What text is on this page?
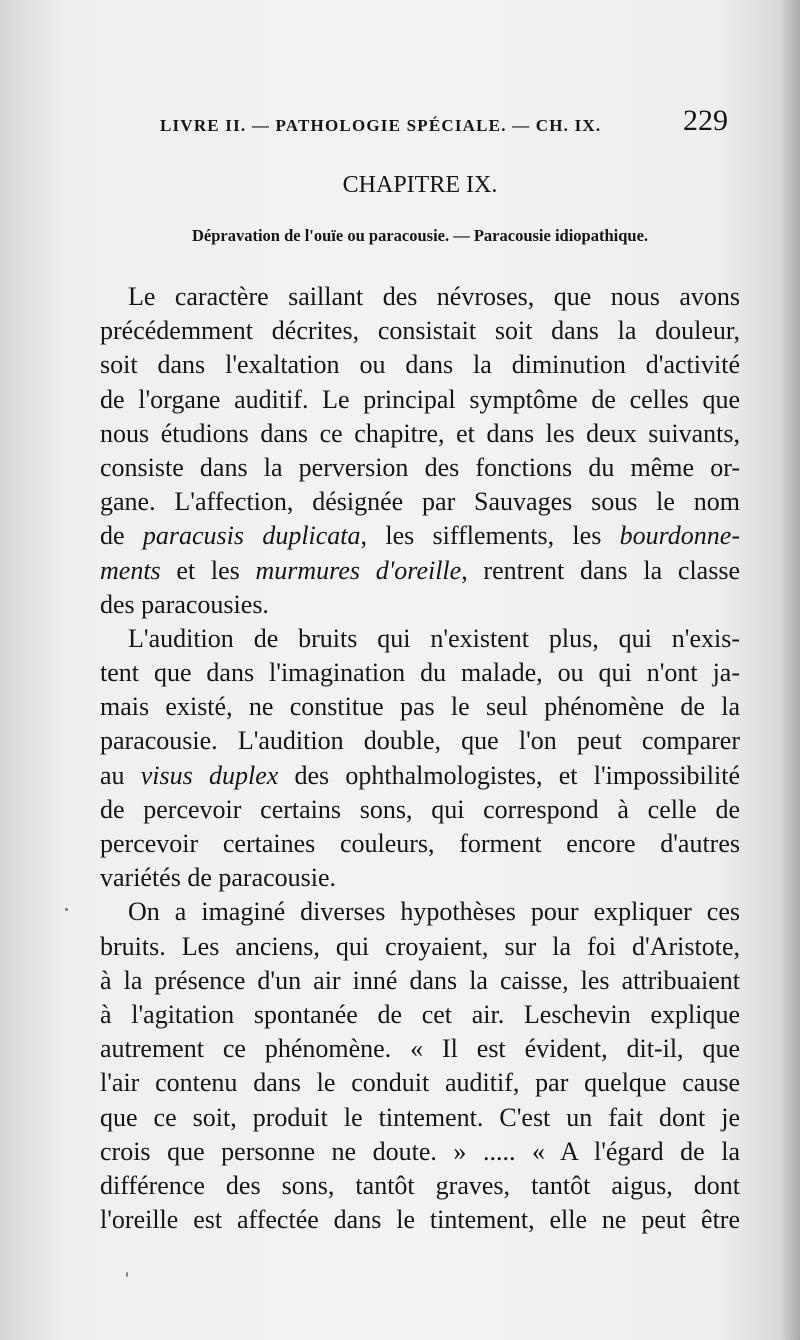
LIVRE II. — PATHOLOGIE SPÉCIALE. — CH. IX.	229
CHAPITRE IX.
Dépravation de l'ouïe ou paracousie. — Paracousie idiopathique.
Le caractère saillant des névroses, que nous avons
précédemment décrites, consistait soit dans la douleur,
soit dans l'exaltation ou dans la diminution d'activité
de l'organe auditif. Le principal symptôme de celles que
nous étudions dans ce chapitre, et dans les deux suivants,
consiste dans la perversion des fonctions du même or-
gane. L'affection, désignée par Sauvages sous le nom
de paracusis duplicata, les sifflements, les bourdonne-
ments et les murmures d'oreille, rentrent dans la classe
des paracousies.
L'audition de bruits qui n'existent plus, qui n'exis-
tent que dans l'imagination du malade, ou qui n'ont ja-
mais existé, ne constitue pas le seul phénomène de la
paracousie. L'audition double, que l'on peut comparer
au visus duplex des ophthalmologistes, et l'impossibilité
de percevoir certains sons, qui correspond à celle de
percevoir certaines couleurs, forment encore d'autres
variétés de paracousie.
On a imaginé diverses hypothèses pour expliquer ces
bruits. Les anciens, qui croyaient, sur la foi d'Aristote,
à la présence d'un air inné dans la caisse, les attribuaient
à l'agitation spontanée de cet air. Leschevin explique
autrement ce phénomène. « Il est évident, dit-il, que
l'air contenu dans le conduit auditif, par quelque cause
que ce soit, produit le tintement. C'est un fait dont je
crois que personne ne doute. » ..... « A l'égard de la
différence des sons, tantôt graves, tantôt aigus, dont
l'oreille est affectée dans le tintement, elle ne peut être
